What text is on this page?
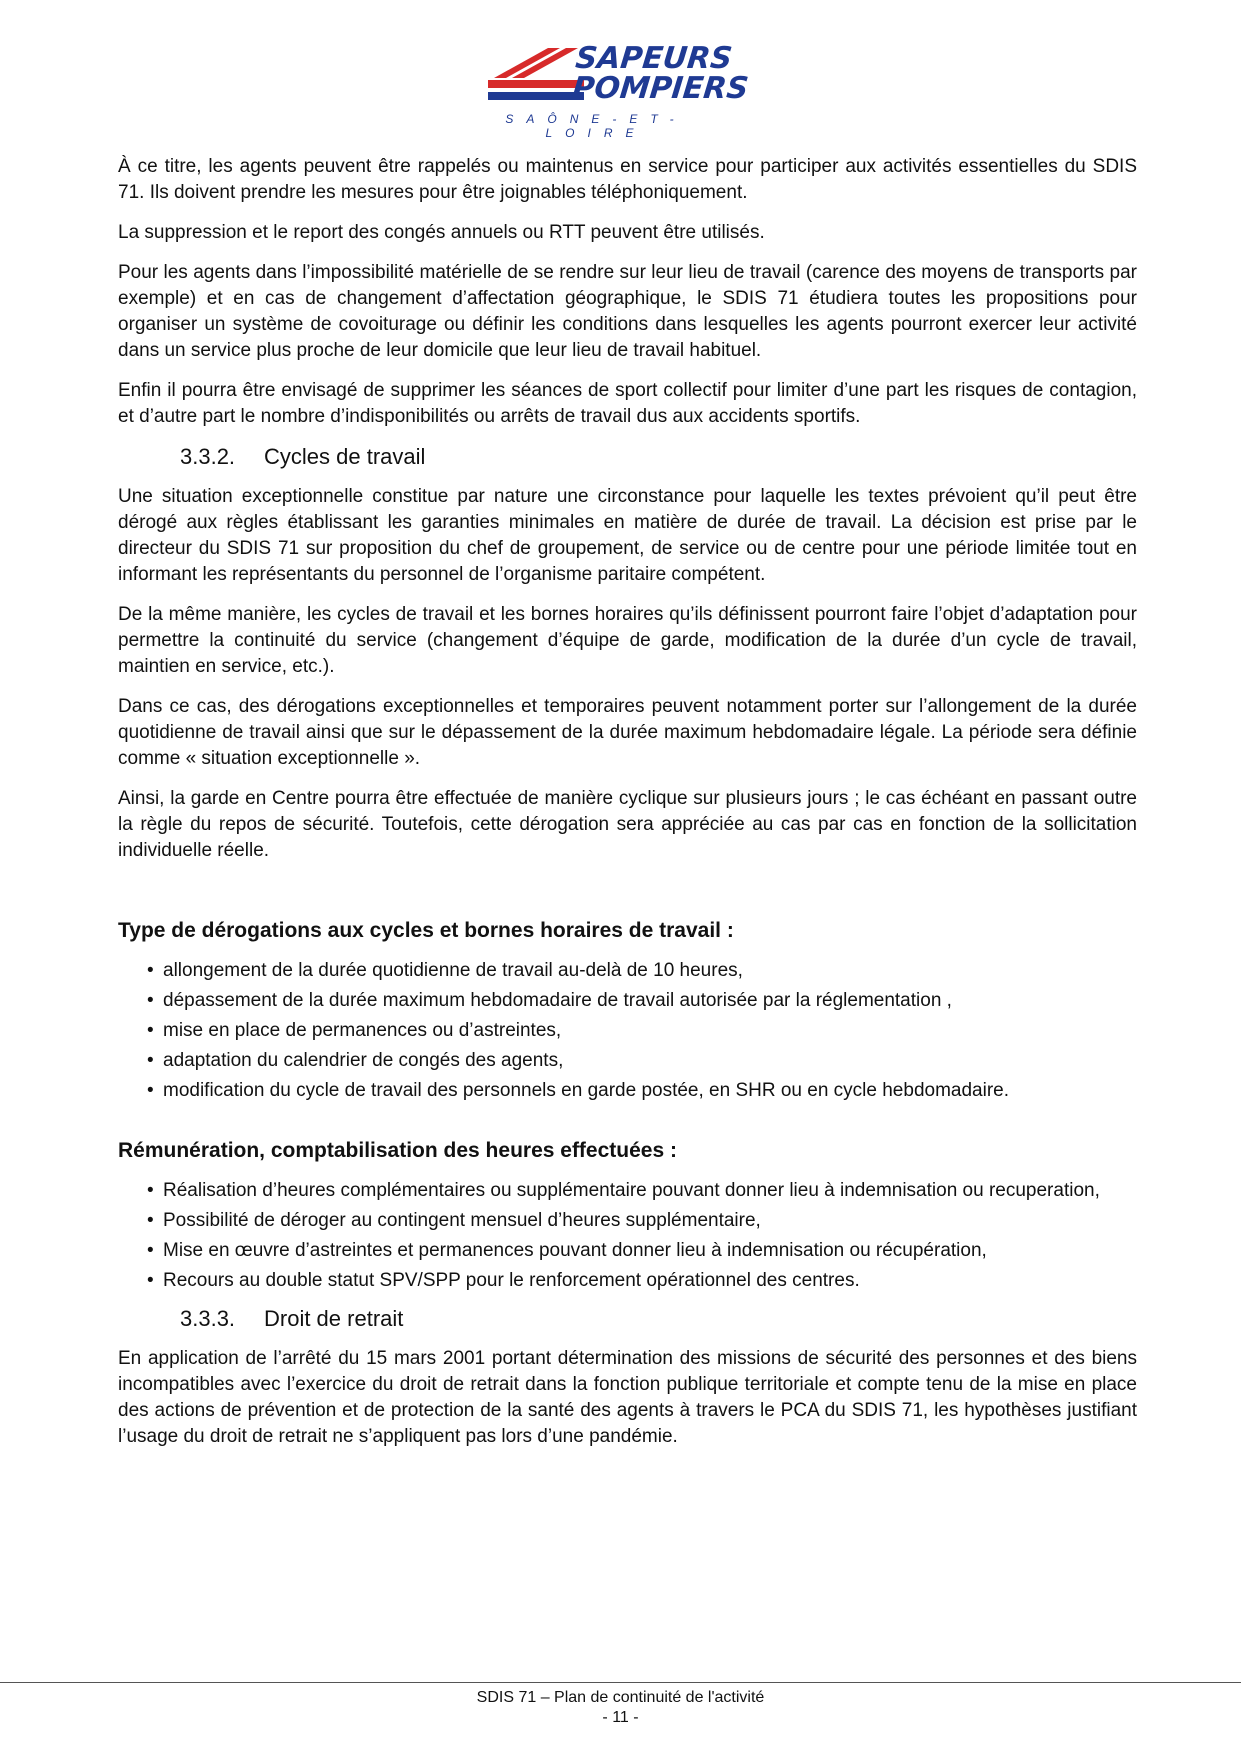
SAPEURS
POMPIERS
SAÔNE-ET-LOIRE

À ce titre, les agents peuvent être rappelés ou maintenus en service pour participer aux activités essentielles du SDIS 71. Ils doivent prendre les mesures pour être joignables téléphoniquement.

La suppression et le report des congés annuels ou RTT peuvent être utilisés.

Pour les agents dans l’impossibilité matérielle de se rendre sur leur lieu de travail (carence des moyens de transports par exemple) et en cas de changement d’affectation géographique, le SDIS 71 étudiera toutes les propositions pour organiser un système de covoiturage ou définir les conditions dans lesquelles les agents pourront exercer leur activité dans un service plus proche de leur domicile que leur lieu de travail habituel.

Enfin il pourra être envisagé de supprimer les séances de sport collectif pour limiter d’une part les risques de contagion, et d’autre part le nombre d’indisponibilités ou arrêts de travail dus aux accidents sportifs.

3.3.2. Cycles de travail

Une situation exceptionnelle constitue par nature une circonstance pour laquelle les textes prévoient qu’il peut être dérogé aux règles établissant les garanties minimales en matière de durée de travail. La décision est prise par le directeur du SDIS 71 sur proposition du chef de groupement, de service ou de centre pour une période limitée tout en informant les représentants du personnel de l’organisme paritaire compétent.

De la même manière, les cycles de travail et les bornes horaires qu’ils définissent pourront faire l’objet d’adaptation pour permettre la continuité du service (changement d’équipe de garde, modification de la durée d’un cycle de travail, maintien en service, etc.).

Dans ce cas, des dérogations exceptionnelles et temporaires peuvent notamment porter sur l’allongement de la durée quotidienne de travail ainsi que sur le dépassement de la durée maximum hebdomadaire légale. La période sera définie comme « situation exceptionnelle ».

Ainsi, la garde en Centre pourra être effectuée de manière cyclique sur plusieurs jours ; le cas échéant en passant outre la règle du repos de sécurité. Toutefois, cette dérogation sera appréciée au cas par cas en fonction de la sollicitation individuelle réelle.

Type de dérogations aux cycles et bornes horaires de travail :
• allongement de la durée quotidienne de travail au-delà de 10 heures,
• dépassement de la durée maximum hebdomadaire de travail autorisée par la réglementation ,
• mise en place de permanences ou d’astreintes,
• adaptation du calendrier de congés des agents,
• modification du cycle de travail des personnels en garde postée, en SHR ou en cycle hebdomadaire.
Rémunération, comptabilisation des heures effectuées :
• Réalisation d’heures complémentaires ou supplémentaire pouvant donner lieu à indemnisation ou recuperation,
• Possibilité de déroger au contingent mensuel d’heures supplémentaire,
• Mise en œuvre d’astreintes et permanences pouvant donner lieu à indemnisation ou récupération,
• Recours au double statut SPV/SPP pour le renforcement opérationnel des centres.
3.3.3. Droit de retrait

En application de l’arrêté du 15 mars 2001 portant détermination des missions de sécurité des personnes et des biens incompatibles avec l’exercice du droit de retrait dans la fonction publique territoriale et compte tenu de la mise en place des actions de prévention et de protection de la santé des agents à travers le PCA du SDIS 71, les hypothèses justifiant l’usage du droit de retrait ne s’appliquent pas lors d’une pandémie.

SDIS 71 – Plan de continuité de l'activité
- 11 -
